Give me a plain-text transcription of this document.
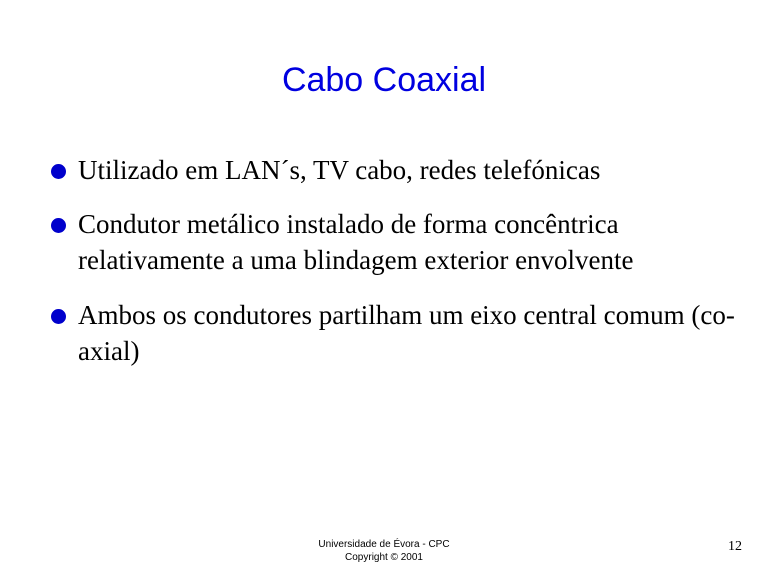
Cabo Coaxial
Utilizado em LAN´s, TV cabo, redes telefónicas
Condutor metálico instalado de forma concêntrica relativamente a uma blindagem exterior envolvente
Ambos os condutores partilham um eixo central comum (co-axial)
Universidade de Évora - CPC
Copyright © 2001
12
